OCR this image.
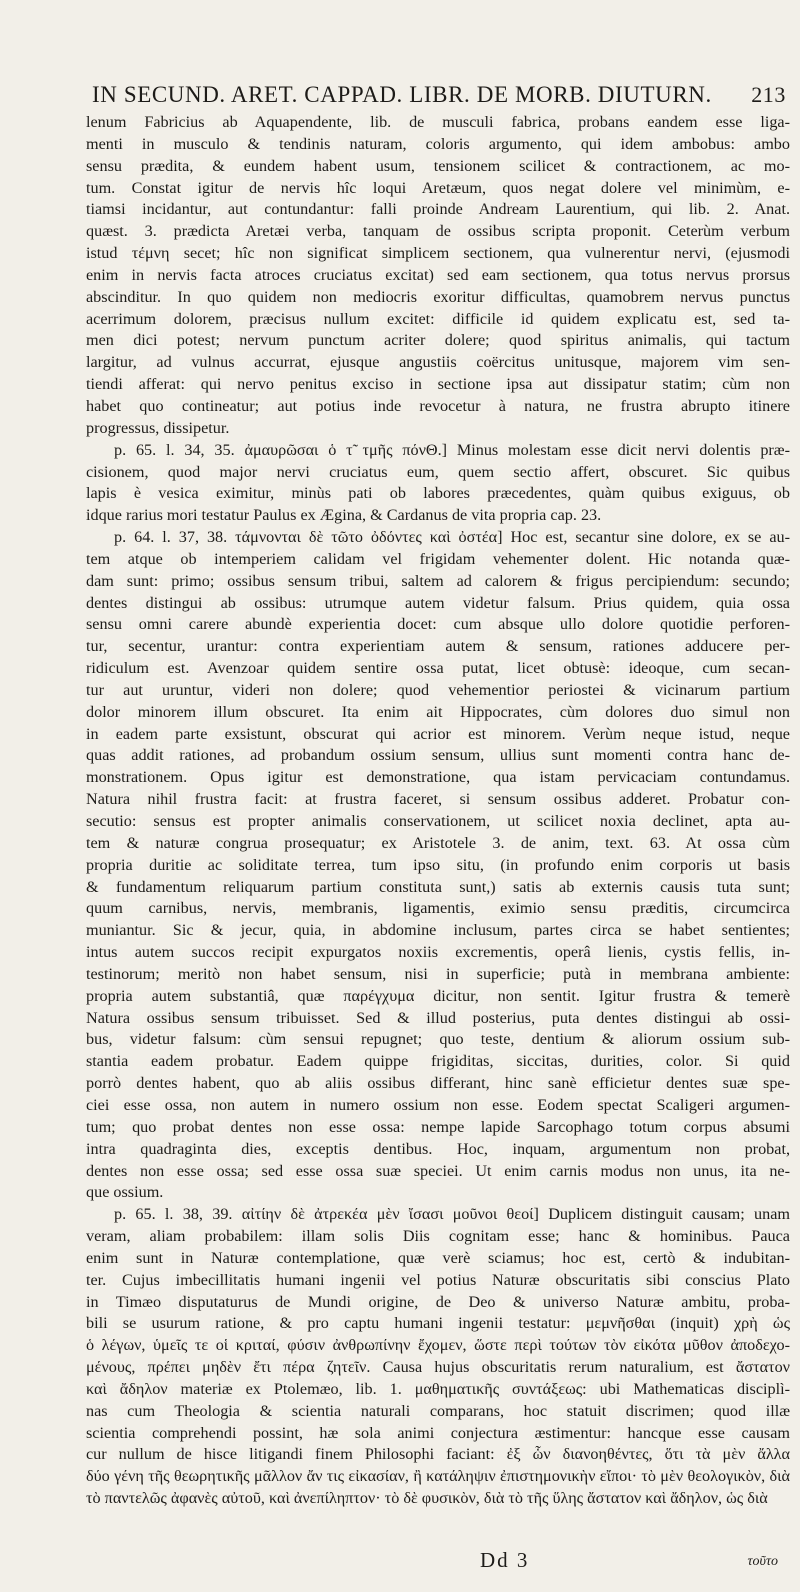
IN SECUND. ARET. CAPPAD. LIBR. DE MORB. DIUTURN. 213
lenum Fabricius ab Aquapendente, lib. de musculi fabrica, probans eandem esse liga-
menti in musculo & tendinis naturam, coloris argumento, qui idem ambobus: ambo
sensu prædita, & eundem habent usum, tensionem scilicet & contractionem, ac mo-
tum. Constat igitur de nervis hîc loqui Aretæum, quos negat dolere vel minimùm, e-
tiamsi incidantur, aut contundantur: falli proinde Andream Laurentium, qui lib. 2. Anat.
quæst. 3. prædicta Aretæi verba, tanquam de ossibus scripta proponit. Ceterùm verbum
istud τέμνη secet; hîc non significat simplicem sectionem, qua vulnerentur nervi, (ejusmodi
enim in nervis facta atroces cruciatus excitat) sed eam sectionem, qua totus nervus prorsus
abscinditur. In quo quidem non mediocris exoritur difficultas, quamobrem nervus punctus
acerrimum dolorem, præcisus nullum excitet: difficile id quidem explicatu est, sed ta-
men dici potest; nervum punctum acriter dolere; quod spiritus animalis, qui tactum
largitur, ad vulnus accurrat, ejusque angustiis coërcitus unitusque, majorem vim sen-
tiendi afferat: qui nervo penitus exciso in sectione ipsa aut dissipatur statim; cùm non
habet quo contineatur; aut potius inde revocetur à natura, ne frustra abrupto itinere
progressus, dissipetur.
p. 65. l. 34, 35. ἀμαυρῶσαι ὁ τ̃ τμῆς πόνΘ.] Minus molestam esse dicit nervi dolentis præ-
cisionem, quod major nervi cruciatus eum, quem sectio affert, obscuret. Sic quibus
lapis è vesica eximitur, minùs pati ob labores præcedentes, quàm quibus exiguus, ob
idque rarius mori testatur Paulus ex Ægina, & Cardanus de vita propria cap. 23.
p. 64. l. 37, 38. τάμνονται δὲ τῶτο ὀδόντες καὶ ὀστέα] Hoc est, secantur sine dolore, ex se au-
tem atque ob intemperiem calidam vel frigidam vehementer dolent. Hic notanda quæ-
dam sunt: primo; ossibus sensum tribui, saltem ad calorem & frigus percipiendum: secundo;
dentes distingui ab ossibus: utrumque autem videtur falsum. Prius quidem, quia ossa
sensu omni carere abundè experientia docet: cum absque ullo dolore quotidie perforen-
tur, secentur, urantur: contra experientiam autem & sensum, rationes adducere per-
ridiculum est. Avenzoar quidem sentire ossa putat, licet obtusè: ideoque, cum secan-
tur aut uruntur, videri non dolere; quod vehementior periostei & vicinarum partium
dolor minorem illum obscuret. Ita enim ait Hippocrates, cùm dolores duo simul non
in eadem parte exsistunt, obscurat qui acrior est minorem. Verùm neque istud, neque
quas addit rationes, ad probandum ossium sensum, ullius sunt momenti contra hanc de-
monstrationem. Opus igitur est demonstratione, qua istam pervicaciam contundamus.
Natura nihil frustra facit: at frustra faceret, si sensum ossibus adderet. Probatur con-
secutio: sensus est propter animalis conservationem, ut scilicet noxia declinet, apta au-
tem & naturæ congrua prosequatur; ex Aristotele 3. de anim, text. 63. At ossa cùm
propria duritie ac soliditate terrea, tum ipso situ, (in profundo enim corporis ut basis
& fundamentum reliquarum partium constituta sunt,) satis ab externis causis tuta sunt;
quum carnibus, nervis, membranis, ligamentis, eximio sensu præditis, circumcirca
muniantur. Sic & jecur, quia, in abdomine inclusum, partes circa se habet sentientes;
intus autem succos recipit expurgatos noxiis excrementis, operâ lienis, cystis fellis, in-
testinorum; meritò non habet sensum, nisi in superficie; putà in membrana ambiente:
propria autem substantiâ, quæ παρέγχυμα dicitur, non sentit. Igitur frustra & temerè
Natura ossibus sensum tribuisset. Sed & illud posterius, puta dentes distingui ab ossi-
bus, videtur falsum: cùm sensui repugnet; quo teste, dentium & aliorum ossium sub-
stantia eadem probatur. Eadem quippe frigiditas, siccitas, durities, color. Si quid
porrò dentes habent, quo ab aliis ossibus differant, hinc sanè efficietur dentes suæ spe-
ciei esse ossa, non autem in numero ossium non esse. Eodem spectat Scaligeri argumen-
tum; quo probat dentes non esse ossa: nempe lapide Sarcophago totum corpus absumi
intra quadraginta dies, exceptis dentibus. Hoc, inquam, argumentum non probat,
dentes non esse ossa; sed esse ossa suæ speciei. Ut enim carnis modus non unus, ita ne-
que ossium.
p. 65. l. 38, 39. αἰτίην δὲ ἀτρεκέα μὲν ἴσασι μοῦνοι θεοί] Duplicem distinguit causam; unam
veram, aliam probabilem: illam solis Diis cognitam esse; hanc & hominibus. Pauca
enim sunt in Naturæ contemplatione, quæ verè sciamus; hoc est, certò & indubitan-
ter. Cujus imbecillitatis humani ingenii vel potius Naturæ obscuritatis sibi conscius Plato
in Timæo disputaturus de Mundi origine, de Deo & universo Naturæ ambitu, proba-
bili se usurum ratione, & pro captu humani ingenii testatur: μεμνῆσθαι (inquit) χρὴ ὡς
ὁ λέγων, ὑμεῖς τε οἱ κριταί, φύσιν ἀνθρωπίνην ἔχομεν, ὥστε περὶ τούτων τὸν εἰκότα μῦθον ἀποδεχο-
μένους, πρέπει μηδὲν ἔτι πέρα ζητεῖν. Causa hujus obscuritatis rerum naturalium, est ἄστατον
καὶ ἄδηλον materiæ ex Ptolemæo, lib. 1. μαθηματικῆς συντάξεως: ubi Mathematicas disciplì-
nas cum Theologia & scientia naturali comparans, hoc statuit discrimen; quod illæ
scientia comprehendi possint, hæ sola animi conjectura æstimentur: hancque esse causam
cur nullum de hisce litigandi finem Philosophi faciant: ἐξ ὧν διανοηθέντες, ὅτι τὰ μὲν ἄλλα
δύο γένη τῆς θεωρητικῆς μᾶλλον ἄν τις εἰκασίαν, ἢ κατάληψιν ἐπιστημονικὴν εἴποι· τὸ μὲν θεολογικὸν, διὰ
τὸ παντελῶς ἀφανὲς αὐτοῦ, καὶ ἀνεπίληπτον· τὸ δὲ φυσικὸν, διὰ τὸ τῆς ὕλης ἄστατον καὶ ἄδηλον, ὡς διὰ
Dd 3	τοῦτο
